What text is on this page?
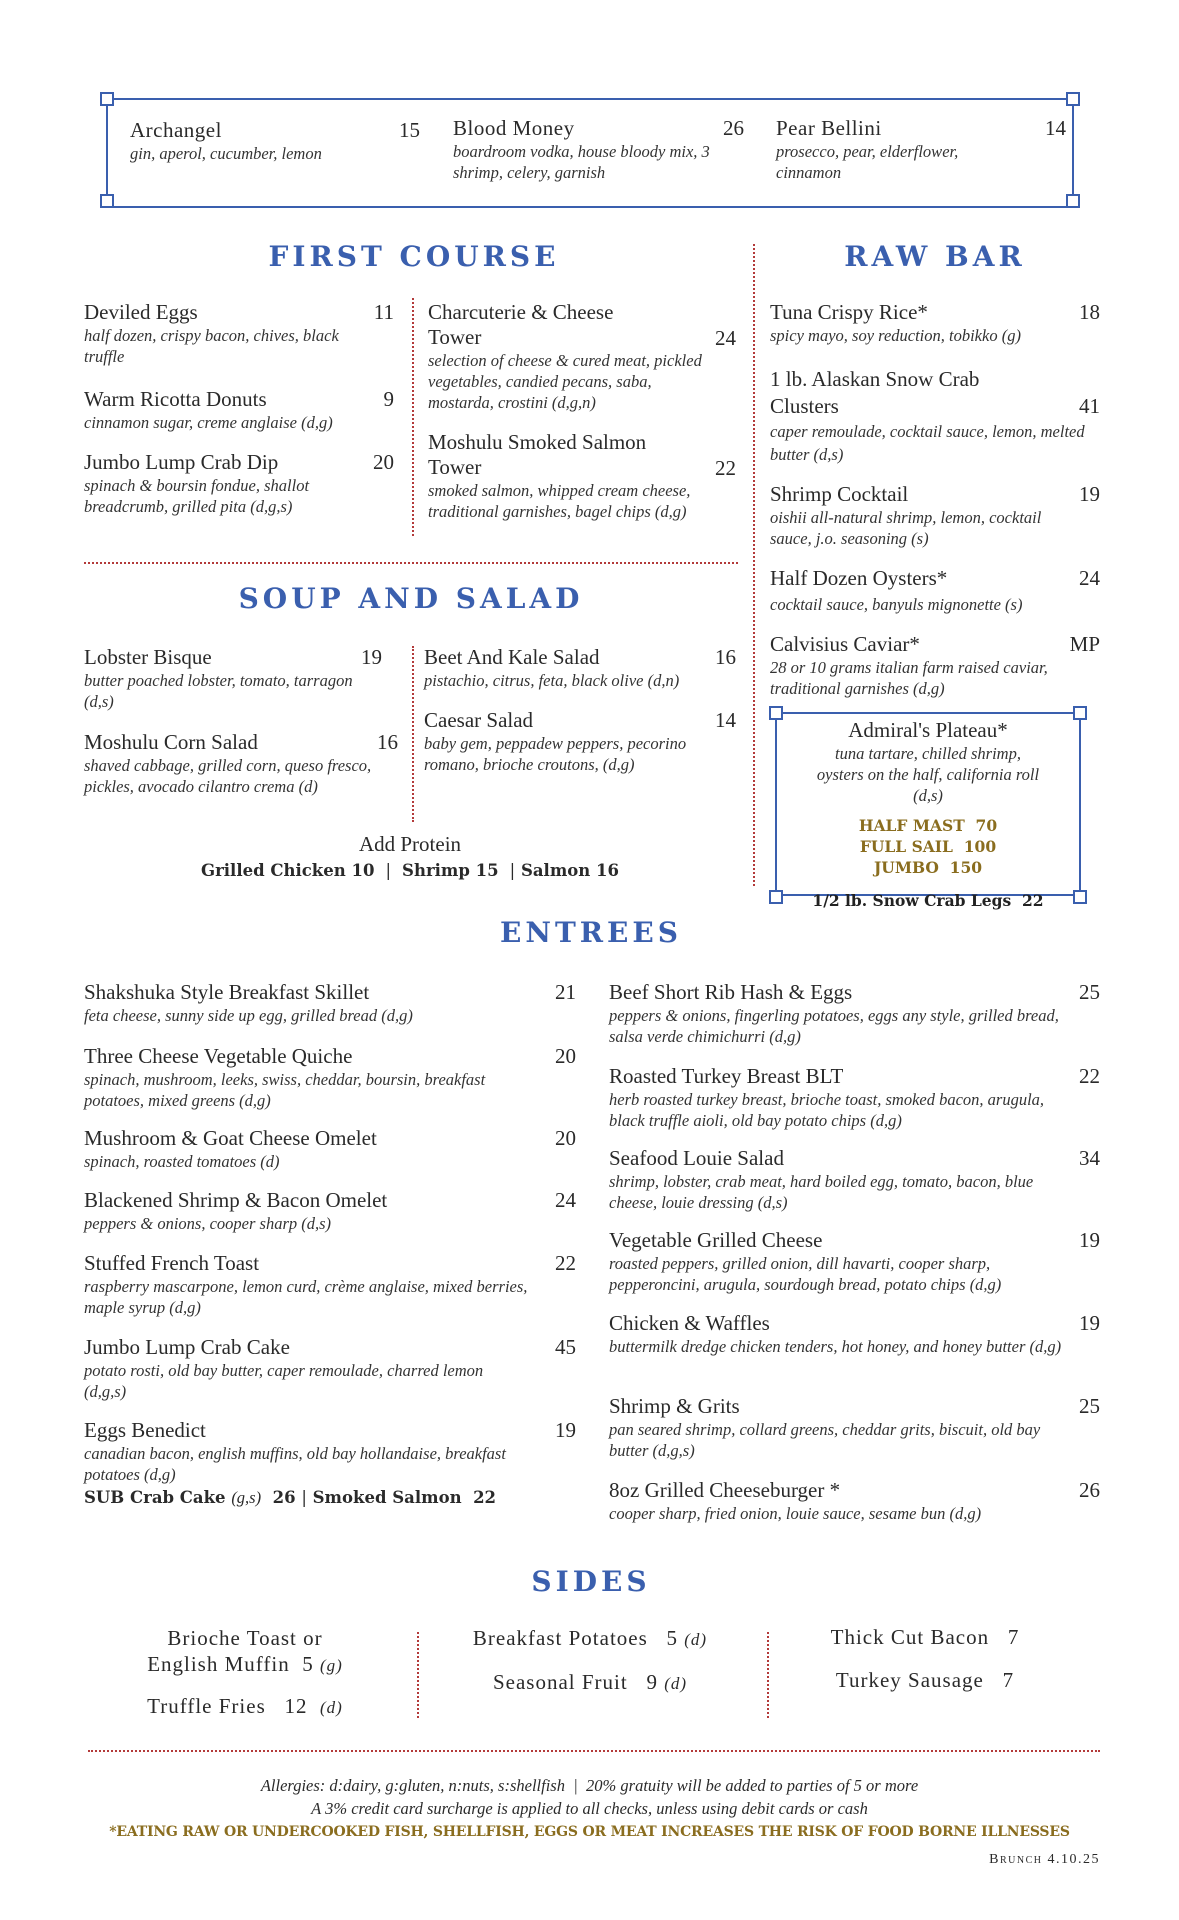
Archangel
gin, aperol, cucumber, lemon
15 Blood Money
boardroom vodka, house bloody mix, 3 shrimp, celery, garnish
26 Pear Bellini
prosecco, pear, elderflower, cinnamon
14
FIRST COURSE
Deviled Eggs
half dozen, crispy bacon, chives, black truffle
11
Warm Ricotta Donuts
cinnamon sugar, creme anglaise (d,g)
9
Jumbo Lump Crab Dip
spinach & boursin fondue, shallot breadcrumb, grilled pita (d,g,s)
20
Charcuterie & Cheese Tower
selection of cheese & cured meat, pickled vegetables, candied pecans, saba, mostarda, crostini (d,g,n)
24
Moshulu Smoked Salmon Tower
smoked salmon, whipped cream cheese, traditional garnishes, bagel chips (d,g)
22
SOUP AND SALAD
Lobster Bisque
butter poached lobster, tomato, tarragon (d,s)
19
Moshulu Corn Salad
shaved cabbage, grilled corn, queso fresco, pickles, avocado cilantro crema (d)
16
Beet And Kale Salad
pistachio, citrus, feta, black olive (d,n)
16
Caesar Salad
baby gem, peppadew peppers, pecorino romano, brioche croutons, (d,g)
14
Add Protein
Grilled Chicken 10  |  Shrimp 15  | Salmon 16
RAW BAR
Tuna Crispy Rice*
spicy mayo, soy reduction, tobikko (g)
18
1 lb. Alaskan Snow Crab Clusters
caper remoulade, cocktail sauce, lemon, melted butter (d,s)
41
Shrimp Cocktail
oishii all-natural shrimp, lemon, cocktail sauce, j.o. seasoning (s)
19
Half Dozen Oysters*
cocktail sauce, banyuls mignonette (s)
24
Calvisius Caviar*
28 or 10 grams italian farm raised caviar, traditional garnishes (d,g)
MP
Admiral's Plateau*
tuna tartare, chilled shrimp, oysters on the half, california roll (d,s)
HALF MAST 70
FULL SAIL 100
JUMBO 150
1/2 lb. Snow Crab Legs 22
ENTREES
Shakshuka Style Breakfast Skillet
feta cheese, sunny side up egg, grilled bread (d,g)
21
Three Cheese Vegetable Quiche
spinach, mushroom, leeks, swiss, cheddar, boursin, breakfast potatoes, mixed greens (d,g)
20
Mushroom & Goat Cheese Omelet
spinach, roasted tomatoes (d)
20
Blackened Shrimp & Bacon Omelet
peppers & onions, cooper sharp (d,s)
24
Stuffed French Toast
raspberry mascarpone, lemon curd, crème anglaise, mixed berries, maple syrup (d,g)
22
Jumbo Lump Crab Cake
potato rosti, old bay butter, caper remoulade, charred lemon (d,g,s)
45
Eggs Benedict
canadian bacon, english muffins, old bay hollandaise, breakfast potatoes (d,g)
19
SUB Crab Cake (g,s) 26 | Smoked Salmon 22
Beef Short Rib Hash & Eggs
peppers & onions, fingerling potatoes, eggs any style, grilled bread, salsa verde chimichurri (d,g)
25
Roasted Turkey Breast BLT
herb roasted turkey breast, brioche toast, smoked bacon, arugula, black truffle aioli, old bay potato chips (d,g)
22
Seafood Louie Salad
shrimp, lobster, crab meat, hard boiled egg, tomato, bacon, blue cheese, louie dressing (d,s)
34
Vegetable Grilled Cheese
roasted peppers, grilled onion, dill havarti, cooper sharp, pepperoncini, arugula, sourdough bread, potato chips (d,g)
19
Chicken & Waffles
buttermilk dredge chicken tenders, hot honey, and honey butter (d,g)
19
Shrimp & Grits
pan seared shrimp, collard greens, cheddar grits, biscuit, old bay butter (d,g,s)
25
8oz Grilled Cheeseburger *
cooper sharp, fried onion, louie sauce, sesame bun (d,g)
26
SIDES
Brioche Toast or
English Muffin 5 (g)
Truffle Fries 12 (d)
Breakfast Potatoes 5 (d)
Seasonal Fruit 9 (d)
Thick Cut Bacon 7
Turkey Sausage 7
Allergies: d:dairy, g:gluten, n:nuts, s:shellfish  |  20% gratuity will be added to parties of 5 or more
A 3% credit card surcharge is applied to all checks, unless using debit cards or cash
*EATING RAW OR UNDERCOOKED FISH, SHELLFISH, EGGS OR MEAT INCREASES THE RISK OF FOOD BORNE ILLNESSES
Brunch 4.10.25
